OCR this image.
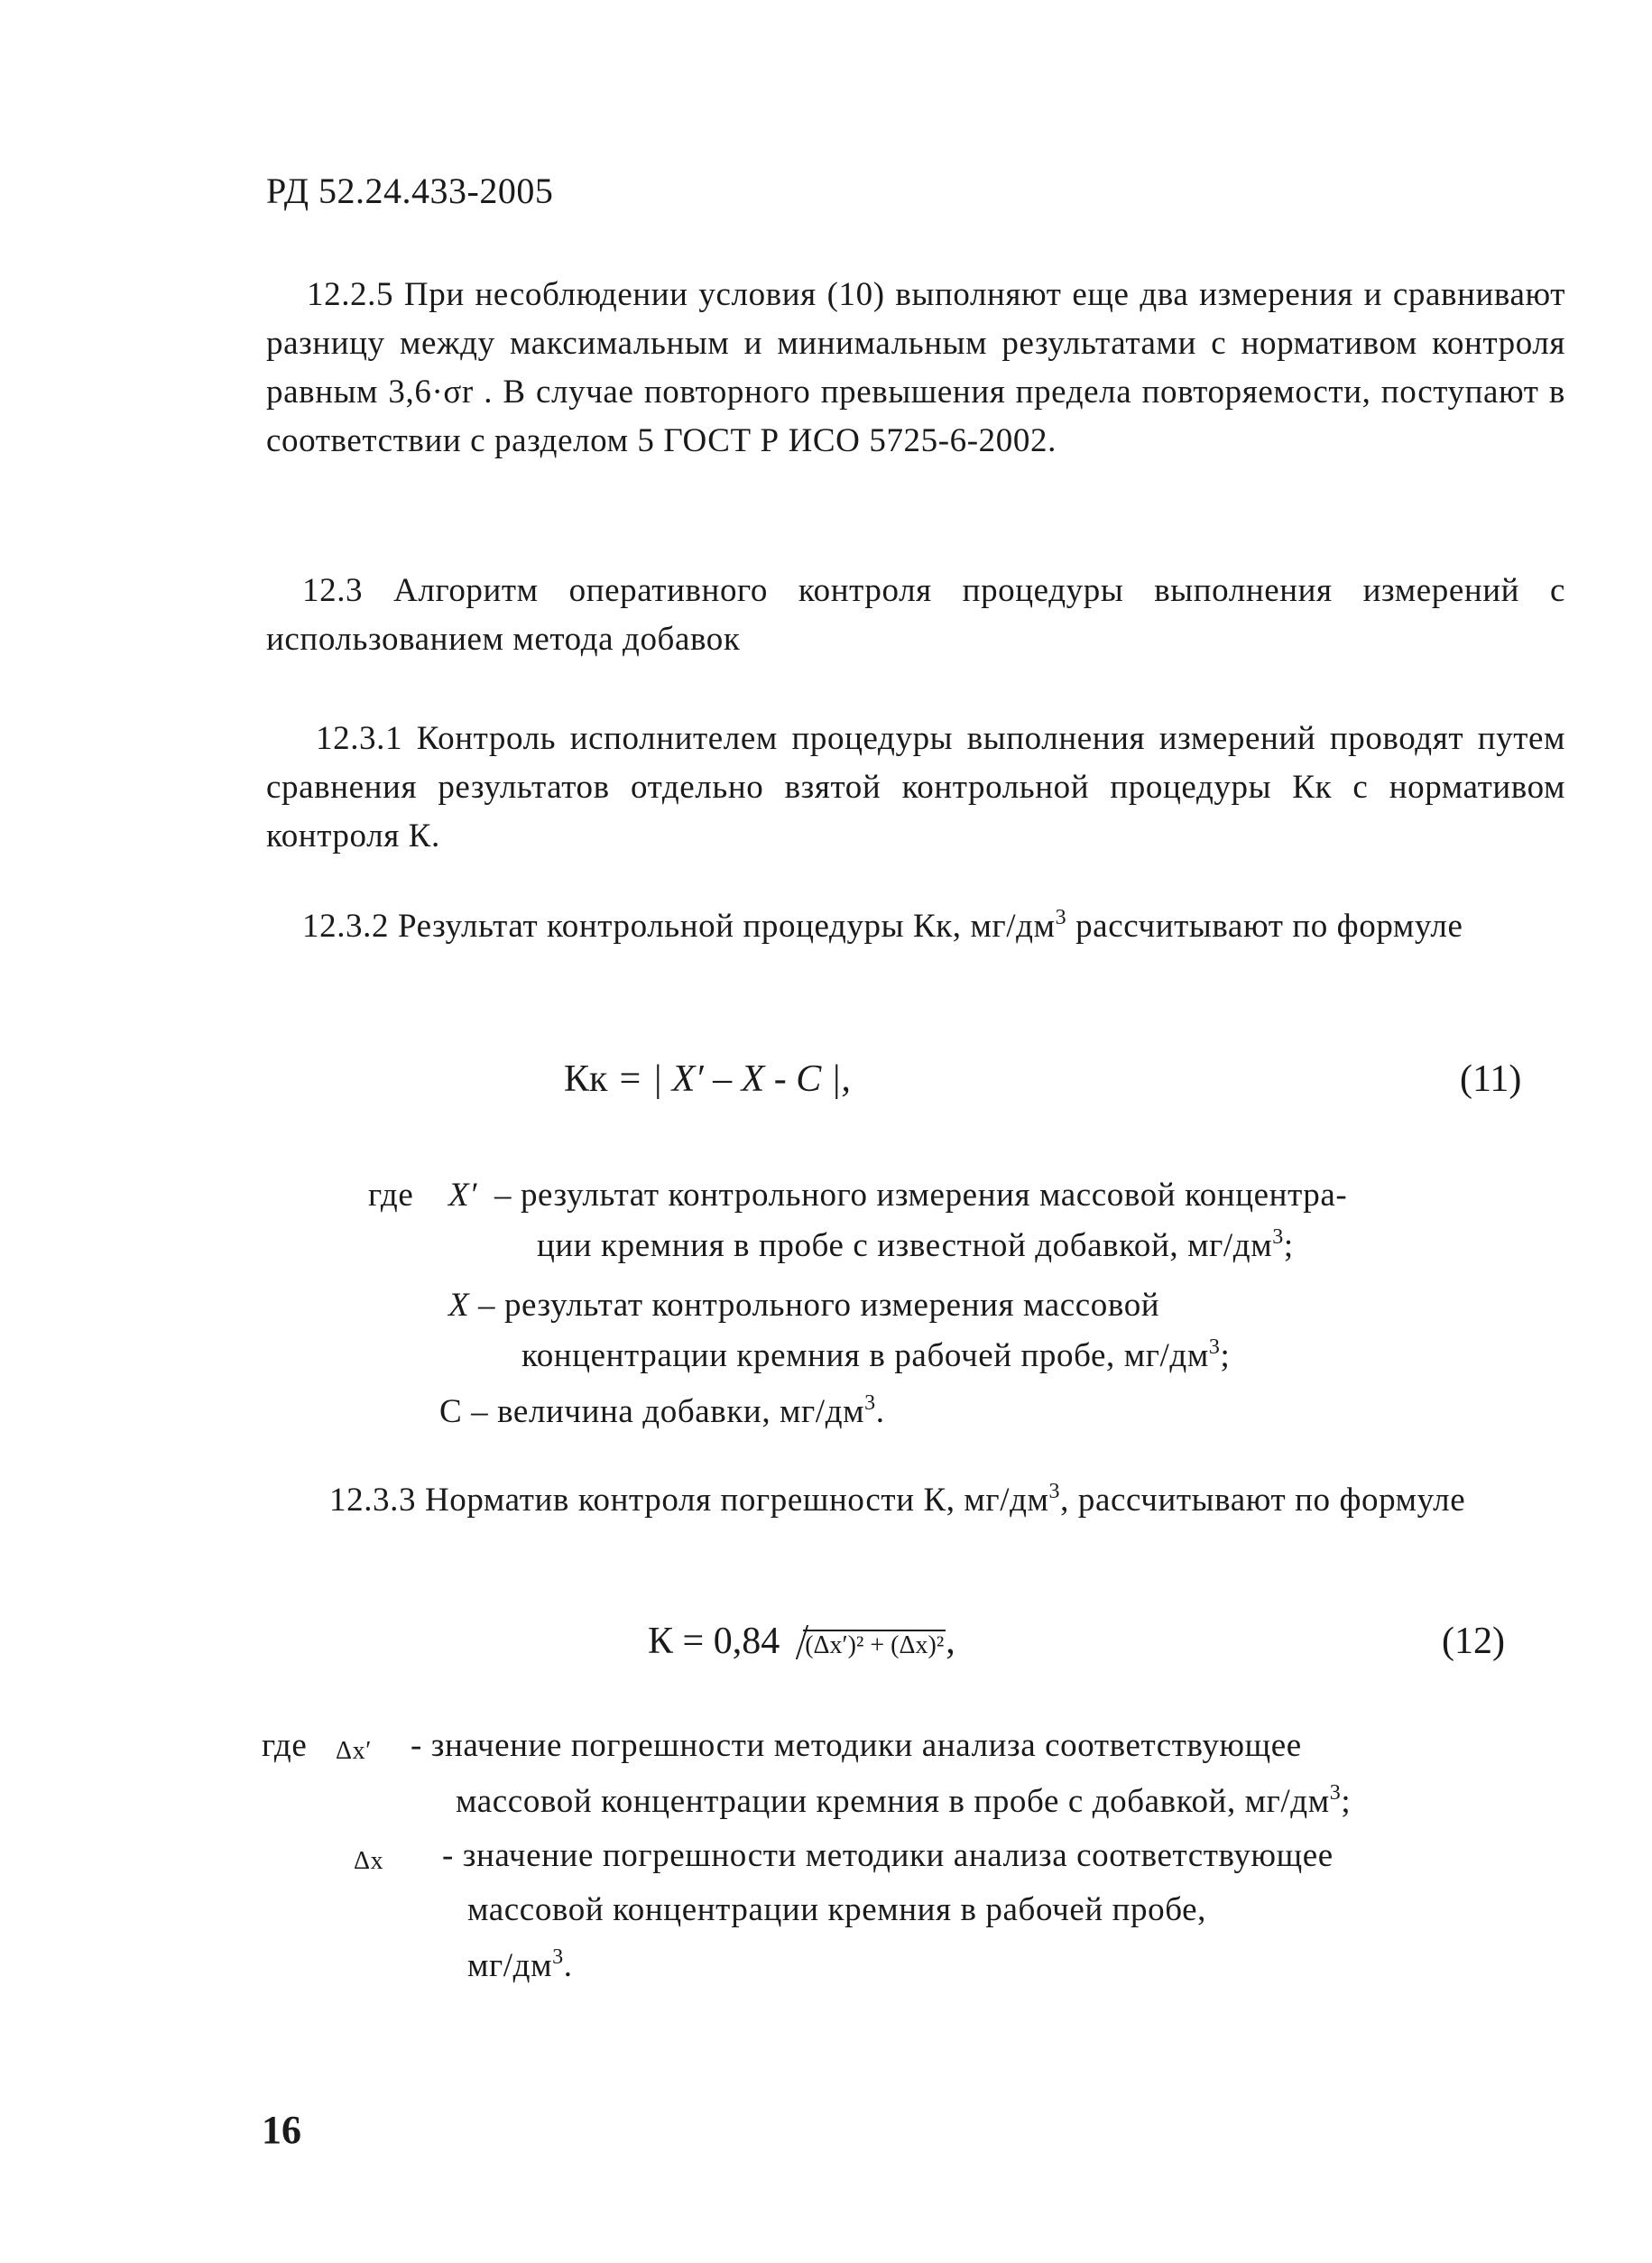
РД 52.24.433-2005
12.2.5 При несоблюдении условия (10) выполняют еще два измерения и сравнивают разницу между максимальным и минимальным результатами с нормативом контроля равным 3,6·σr . В случае повторного превышения предела повторяемости, поступают в соответствии с разделом 5 ГОСТ Р ИСО 5725-6-2002.
12.3 Алгоритм оперативного контроля процедуры выполнения измерений с использованием метода добавок
12.3.1 Контроль исполнителем процедуры выполнения измерений проводят путем сравнения результатов отдельно взятой контрольной процедуры Кк с нормативом контроля К.
12.3.2 Результат контрольной процедуры Кк, $мг/дм^3$ рассчитывают по формуле
Кк = | X′ – X - C |,	(11)
где X′ – результат контрольного измерения массовой концентра-
ции кремния в пробе с известной добавкой, $мг/дм^3$;
X – результат контрольного измерения массовой
концентрации кремния в рабочей пробе, $мг/дм^3$;
С – величина добавки, $мг/дм^3$.
12.3.3 Норматив контроля погрешности К, $мг/дм^3$, рассчитывают по формуле
К = 0,84 (Δx′)² + (Δx)²,	(12)
где Δx′ - значение погрешности методики анализа соответствующее
массовой концентрации кремния в пробе с добавкой, $мг/дм^3$;
Δx - значение погрешности методики анализа соответствующее
массовой концентрации кремния в рабочей пробе,
$мг/дм^3$.
16
